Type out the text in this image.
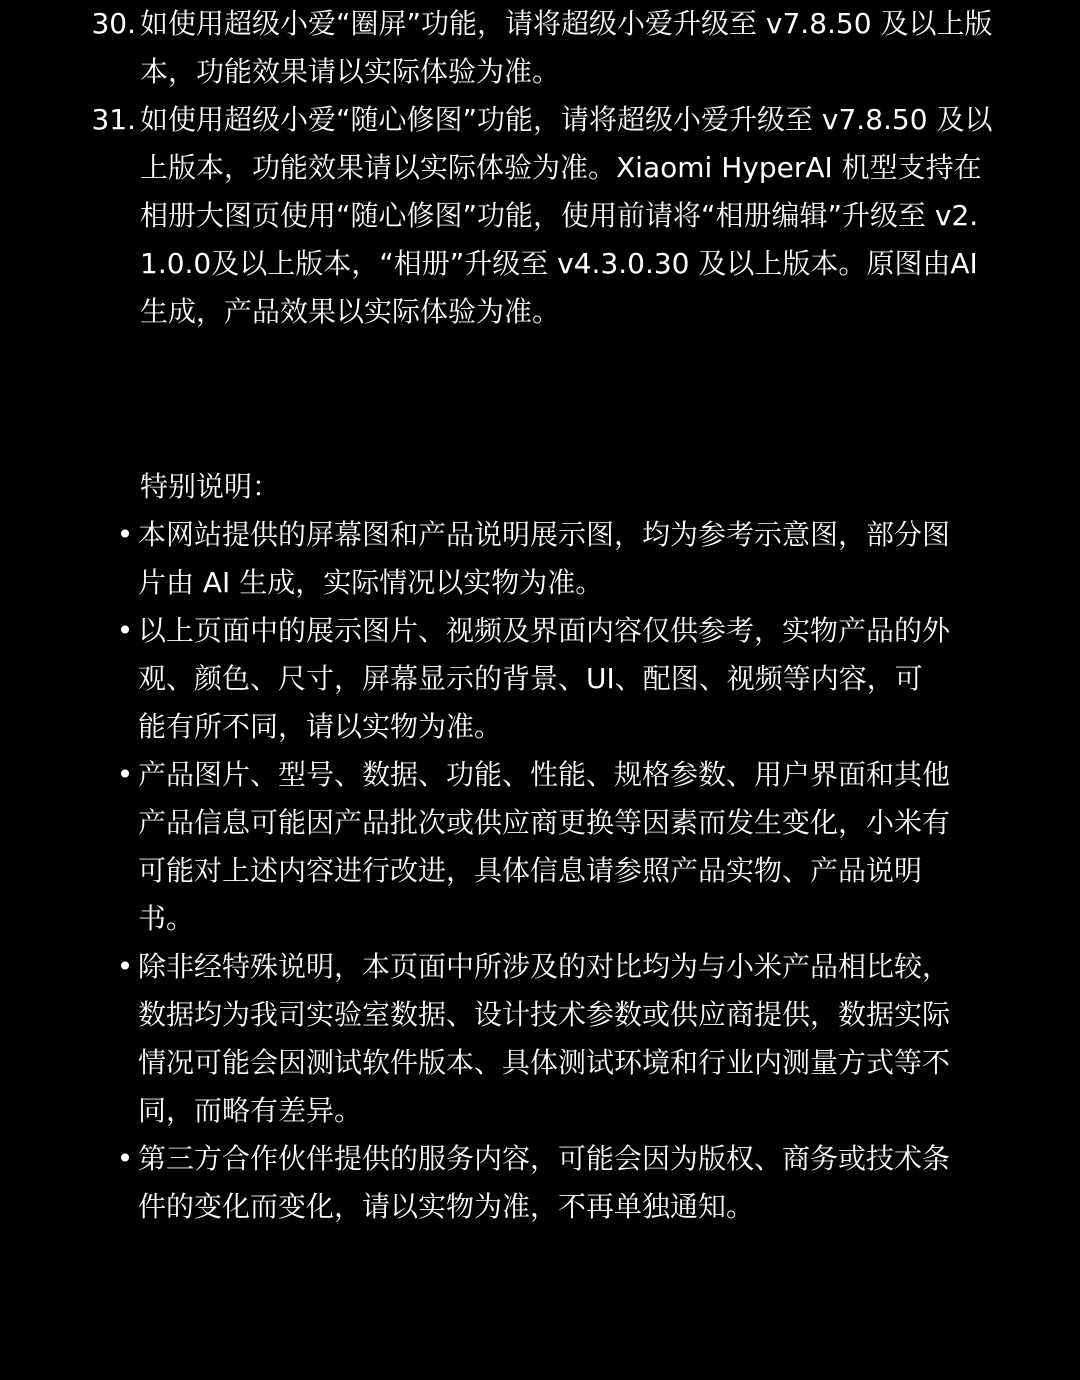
30. 如使用超级小爱“圈屏”功能，请将超级小爱升级至 v7.8.50 及以上版本，功能效果请以实际体验为准。
31. 如使用超级小爱“随心修图”功能，请将超级小爱升级至 v7.8.50 及以上版本，功能效果请以实际体验为准。Xiaomi HyperAI 机型支持在相册大图页使用“随心修图”功能，使用前请将“相册编辑”升级至 v2.1.0.0及以上版本，“相册”升级至 v4.3.0.30 及以上版本。原图由AI生成，产品效果以实际体验为准。
特别说明：
• 本网站提供的屏幕图和产品说明展示图，均为参考示意图，部分图片由 AI 生成，实际情况以实物为准。
• 以上页面中的展示图片、视频及界面内容仅供参考，实物产品的外观、颜色、尺寸，屏幕显示的背景、UI、配图、视频等内容，可能有所不同，请以实物为准。
• 产品图片、型号、数据、功能、性能、规格参数、用户界面和其他产品信息可能因产品批次或供应商更换等因素而发生变化，小米有可能对上述内容进行改进，具体信息请参照产品实物、产品说明书。
• 除非经特殊说明，本页面中所涉及的对比均为与小米产品相比较，数据均为我司实验室数据、设计技术参数或供应商提供，数据实际情况可能会因测试软件版本、具体测试环境和行业内测量方式等不同，而略有差异。
• 第三方合作伙伴提供的服务内容，可能会因为版权、商务或技术条件的变化而变化，请以实物为准，不再单独通知。
